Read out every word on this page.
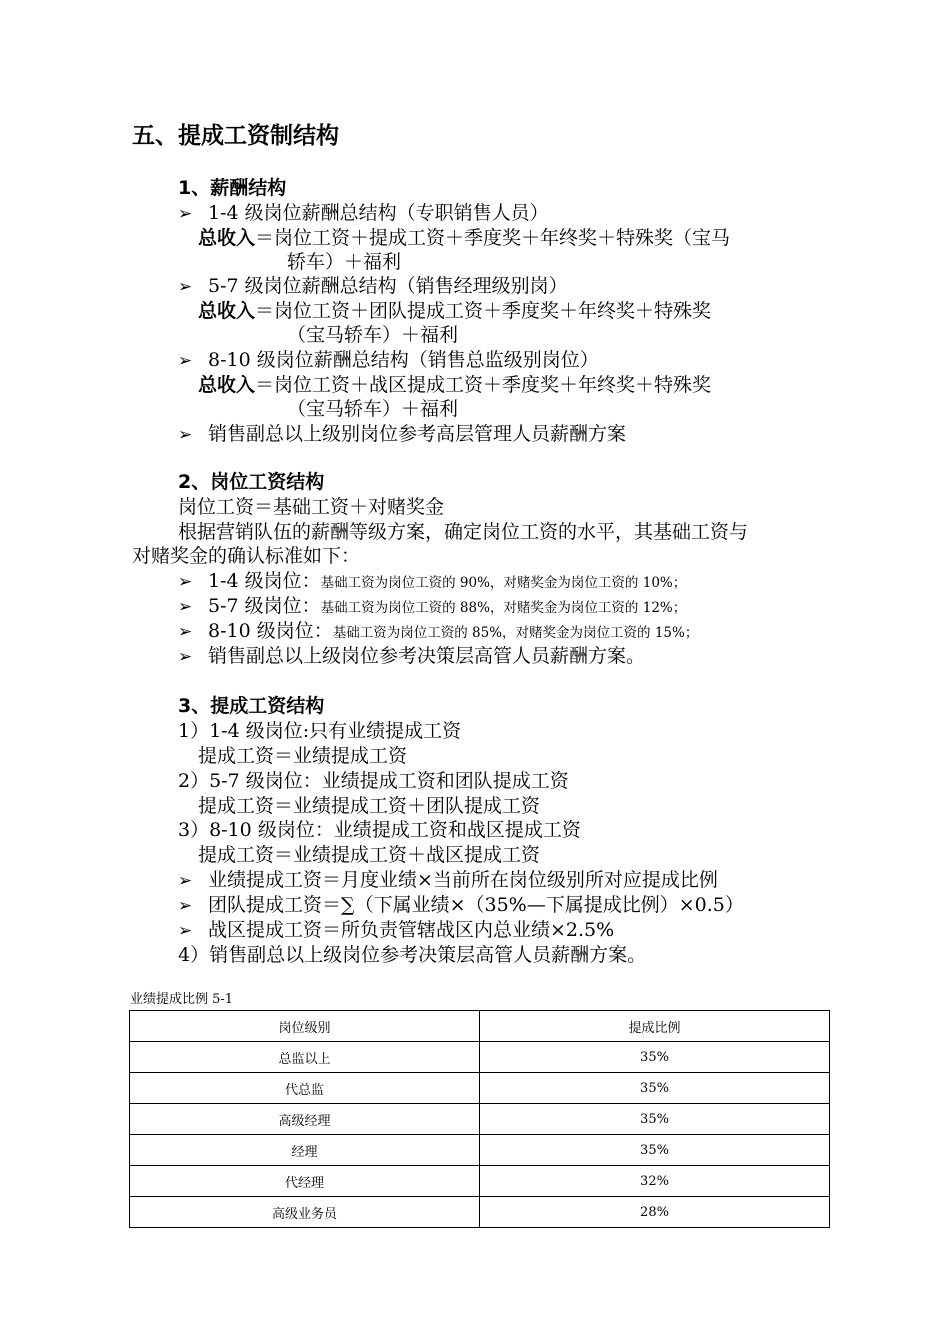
五、提成工资制结构
1、薪酬结构
➢ 1-4 级岗位薪酬总结构（专职销售人员）
总收入＝岗位工资＋提成工资＋季度奖＋年终奖＋特殊奖（宝马
轿车）＋福利
➢ 5-7 级岗位薪酬总结构（销售经理级别岗）
总收入＝岗位工资＋团队提成工资＋季度奖＋年终奖＋特殊奖
（宝马轿车）＋福利
➢ 8-10 级岗位薪酬总结构（销售总监级别岗位）
总收入＝岗位工资＋战区提成工资＋季度奖＋年终奖＋特殊奖
（宝马轿车）＋福利
➢ 销售副总以上级别岗位参考高层管理人员薪酬方案
2、岗位工资结构
岗位工资＝基础工资＋对赌奖金
根据营销队伍的薪酬等级方案，确定岗位工资的水平，其基础工资与
对赌奖金的确认标准如下：
➢ 1-4 级岗位：基础工资为岗位工资的 90%，对赌奖金为岗位工资的 10%；
➢ 5-7 级岗位：基础工资为岗位工资的 88%，对赌奖金为岗位工资的 12%；
➢ 8-10 级岗位：基础工资为岗位工资的 85%，对赌奖金为岗位工资的 15%；
➢ 销售副总以上级岗位参考决策层高管人员薪酬方案。
3、提成工资结构
1）1-4 级岗位:只有业绩提成工资
提成工资＝业绩提成工资
2）5-7 级岗位：业绩提成工资和团队提成工资
提成工资＝业绩提成工资＋团队提成工资
3）8-10 级岗位：业绩提成工资和战区提成工资
提成工资＝业绩提成工资＋战区提成工资
➢ 业绩提成工资＝月度业绩×当前所在岗位级别所对应提成比例
➢ 团队提成工资＝∑（下属业绩×（35%—下属提成比例）×0.5）
➢ 战区提成工资＝所负责管辖战区内总业绩×2.5%
4）销售副总以上级岗位参考决策层高管人员薪酬方案。
业绩提成比例 5-1
岗位级别	提成比例
总监以上	35%
代总监	35%
高级经理	35%
经理	35%
代经理	32%
高级业务员	28%
